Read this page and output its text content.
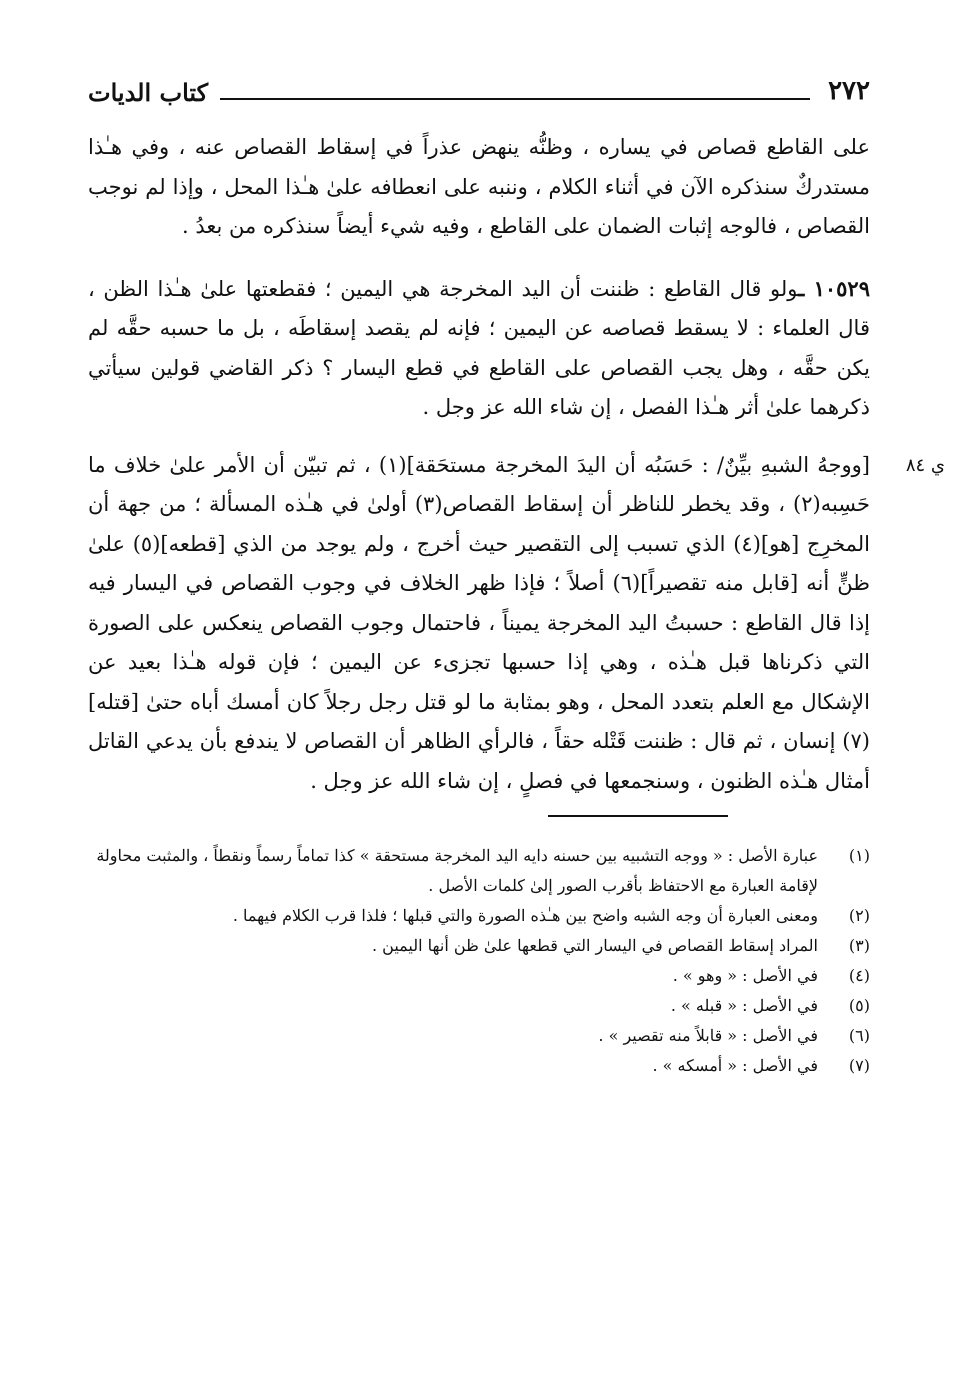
٢٧٢
كتاب الديات

على القاطع قصاص في يساره ، وظنُّه ينهض عذراً في إسقاط القصاص عنه ، وفي هـٰذا مستدركٌ سنذكره الآن في أثناء الكلام ، وننبه على انعطافه علىٰ هـٰذا المحل ، وإذا لم نوجب القصاص ، فالوجه إثبات الضمان على القاطع ، وفيه شيء أيضاً سنذكره من بعدُ .

١٠٥٢٩ ـولو قال القاطع : ظننت أن اليد المخرجة هي اليمين ؛ فقطعتها علىٰ هـٰذا الظن ، قال العلماء : لا يسقط قصاصه عن اليمين ؛ فإنه لم يقصد إسقاطَه ، بل ما حسبه حقَّه لم يكن حقَّه ، وهل يجب القصاص على القاطع في قطع اليسار ؟ ذكر القاضي قولين سيأتي ذكرهما علىٰ أثر هـٰذا الفصل ، إن شاء الله عز وجل .

ي ٨٤

[ووجهُ الشبهِ بيِّنٌ/ : حَسَبُه أن اليدَ المخرجة مستحَقة](١) ، ثم تبيّن أن الأمر علىٰ خلاف ما حَسِبه(٢) ، وقد يخطر للناظر أن إسقاط القصاص(٣) أولىٰ في هـٰذه المسألة ؛ من جهة أن المخرِج [هو](٤) الذي تسبب إلى التقصير حيث أخرج ، ولم يوجد من الذي [قطعه](٥) علىٰ ظنٍّ أنه [قابل منه تقصيراً](٦) أصلاً ؛ فإذا ظهر الخلاف في وجوب القصاص في اليسار فيه إذا قال القاطع : حسبتُ اليد المخرجة يميناً ، فاحتمال وجوب القصاص ينعكس على الصورة التي ذكرناها قبل هـٰذه ، وهي إذا حسبها تجزىء عن اليمين ؛ فإن قوله هـٰذا بعيد عن الإشكال مع العلم بتعدد المحل ، وهو بمثابة ما لو قتل رجل رجلاً كان أمسك أباه حتىٰ [قتله](٧) إنسان ، ثم قال : ظننت قَتْله حقاً ، فالرأي الظاهر أن القصاص لا يندفع بأن يدعي القاتل أمثال هـٰذه الظنون ، وسنجمعها في فصلٍ ، إن شاء الله عز وجل .

(١)
عبارة الأصل : « ووجه التشبيه بين حسنه دايه اليد المخرجة مستحقة » كذا تماماً رسماً ونقطاً ، والمثبت محاولة لإقامة العبارة مع الاحتفاظ بأقرب الصور إلىٰ كلمات الأصل .
(٢)
ومعنى العبارة أن وجه الشبه واضح بين هـٰذه الصورة والتي قبلها ؛ فلذا قرب الكلام فيهما .
(٣)
المراد إسقاط القصاص في اليسار التي قطعها علىٰ ظن أنها اليمين .
(٤)
في الأصل : « وهو » .
(٥)
في الأصل : « قبله » .
(٦)
في الأصل : « قابلاً منه تقصير » .
(٧)
في الأصل : « أمسكه » .
